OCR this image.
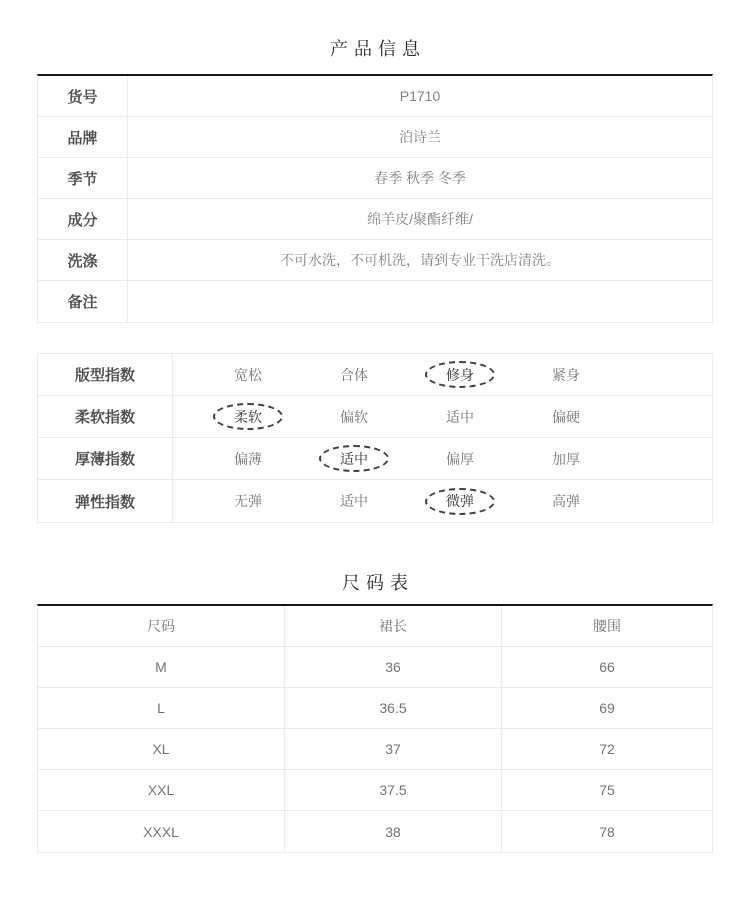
产品信息
货号	P1710
品牌	泊诗兰
季节	春季 秋季 冬季
成分	绵羊皮/聚酯纤维/
洗涤	不可水洗，不可机洗，请到专业干洗店清洗。
备注
版型指数	宽松	合体	修身	紧身
柔软指数	柔软	偏软	适中	偏硬
厚薄指数	偏薄	适中	偏厚	加厚
弹性指数	无弹	适中	微弹	高弹
尺码表
尺码	裙长	腰围
M	36	66
L	36.5	69
XL	37	72
XXL	37.5	75
XXXL	38	78
